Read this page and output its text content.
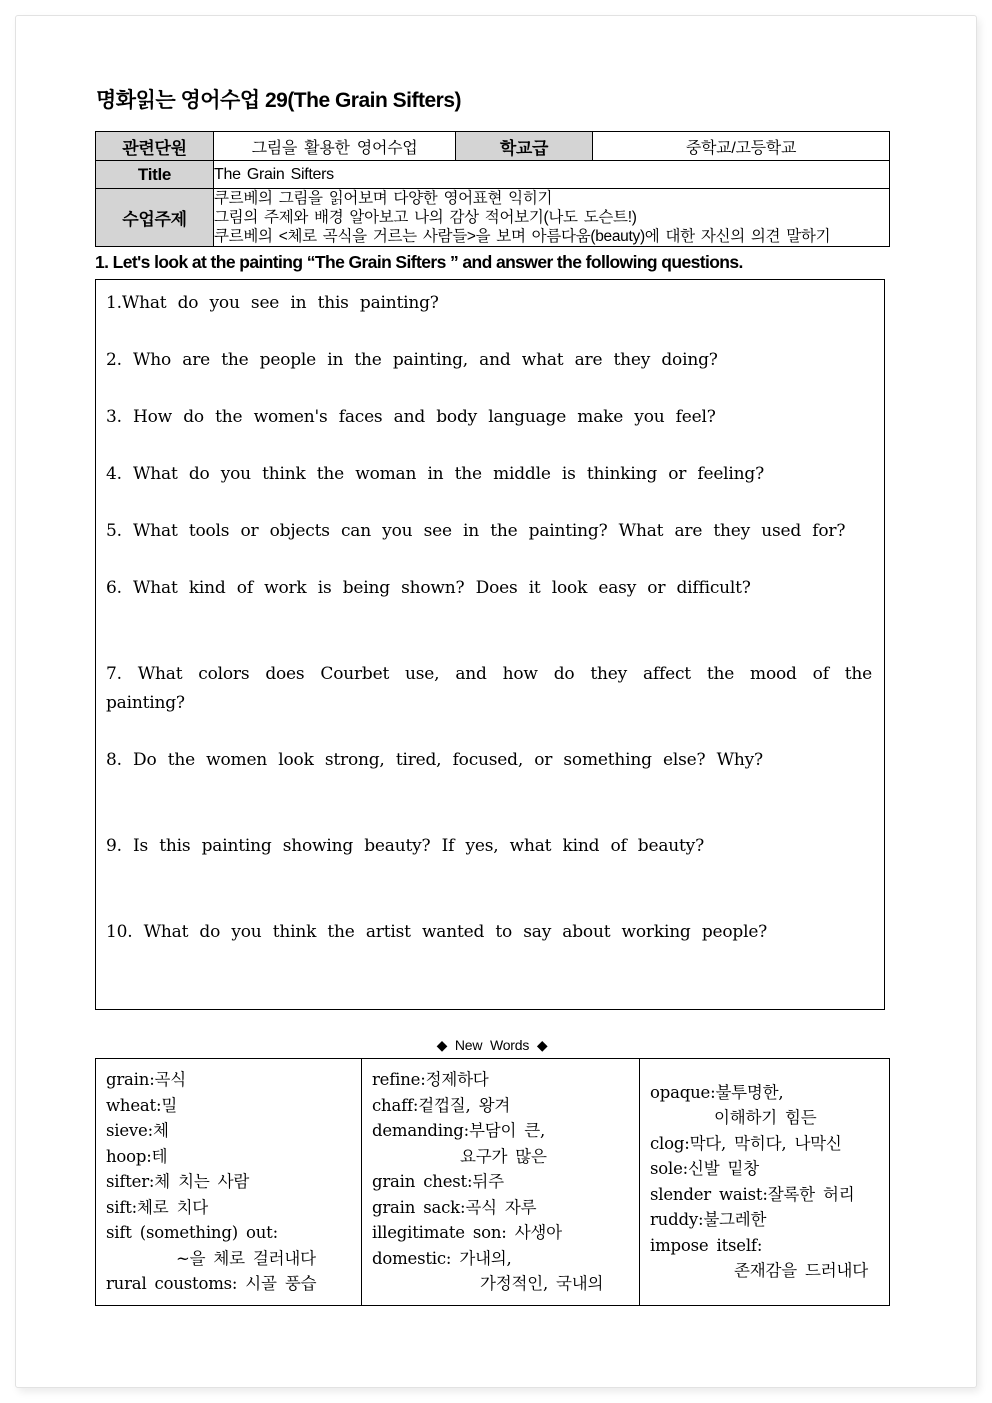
명화읽는 영어수업 29(The Grain Sifters)
관련단원	그림을 활용한 영어수업	학교급	중학교/고등학교
Title	The Grain Sifters		
수업주제	쿠르베의 그림을 읽어보며 다양한 영어표현 익히기
그림의 주제와 배경 알아보고 나의 감상 적어보기(나도 도슨트!)
쿠르베의 <체로 곡식을 거르는 사람들>을 보며 아름다움(beauty)에 대한 자신의 의견 말하기		
1. Let's look at the painting “The Grain Sifters ” and answer the following questions.

1.What do you see in this painting?

2. Who are the people in the painting, and what are they doing?

3. How do the women's faces and body language make you feel?

4. What do you think the woman in the middle is thinking or feeling?

5. What tools or objects can you see in the painting? What are they used for?

6. What kind of work is being shown? Does it look easy or difficult?

7. What colors does Courbet use, and how do they affect the mood of the painting?

8. Do the women look strong, tired, focused, or something else? Why?

9. Is this painting showing beauty? If yes, what kind of beauty?

10. What do you think the artist wanted to say about working people?

◆ New Words ◆
grain:곡식
wheat:밀
sieve:체
hoop:테
sifter:체 치는 사람
sift:체로 치다
sift (something) out:
~을 체로 걸러내다
rural coustoms: 시골 풍습

refine:정제하다
chaff:겉껍질, 왕겨
demanding:부담이 큰,
요구가 많은
grain chest:뒤주
grain sack:곡식 자루
illegitimate son: 사생아
domestic: 가내의,
가정적인, 국내의

opaque:불투명한,
이해하기 힘든
clog:막다, 막히다, 나막신
sole:신발 밑창
slender waist:잘록한 허리
ruddy:불그레한
impose itself:
존재감을 드러내다
